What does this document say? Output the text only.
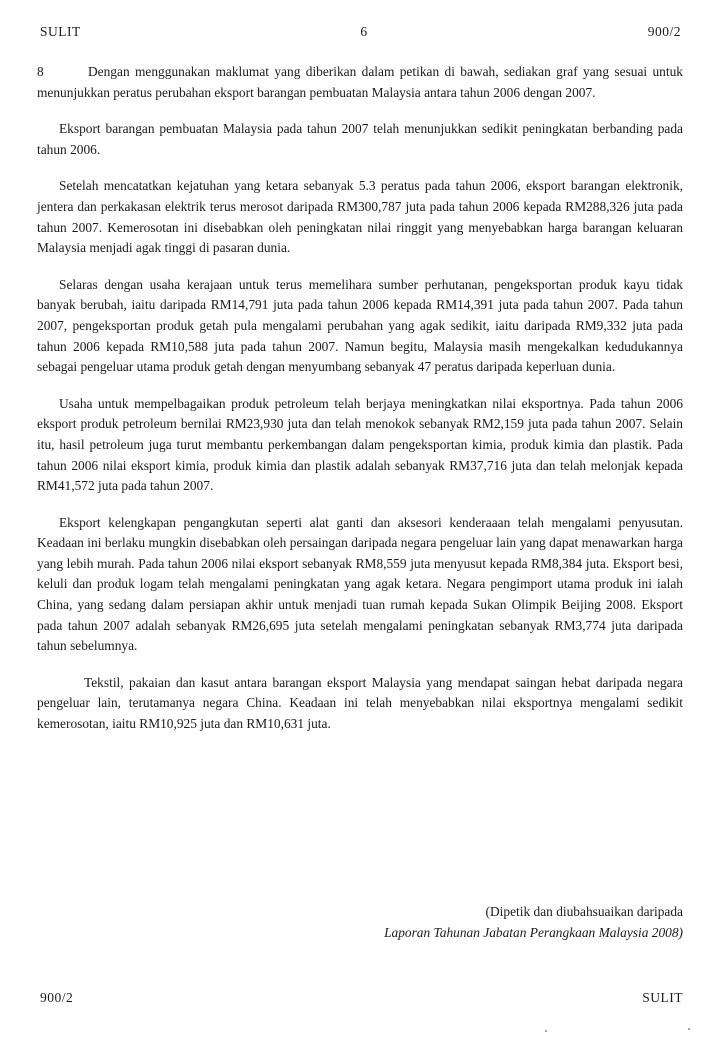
SULIT	6	900/2

8	Dengan menggunakan maklumat yang diberikan dalam petikan di bawah, sediakan graf yang sesuai untuk menunjukkan peratus perubahan eksport barangan pembuatan Malaysia antara tahun 2006 dengan 2007.

Eksport barangan pembuatan Malaysia pada tahun 2007 telah menunjukkan sedikit peningkatan berbanding pada tahun 2006.

Setelah mencatatkan kejatuhan yang ketara sebanyak 5.3 peratus pada tahun 2006, eksport barangan elektronik, jentera dan perkakasan elektrik terus merosot daripada RM300,787 juta pada tahun 2006 kepada RM288,326 juta pada tahun 2007. Kemerosotan ini disebabkan oleh peningkatan nilai ringgit yang menyebabkan harga barangan keluaran Malaysia menjadi agak tinggi di pasaran dunia.

Selaras dengan usaha kerajaan untuk terus memelihara sumber perhutanan, pengeksportan produk kayu tidak banyak berubah, iaitu daripada RM14,791 juta pada tahun 2006 kepada RM14,391 juta pada tahun 2007. Pada tahun 2007, pengeksportan produk getah pula mengalami perubahan yang agak sedikit, iaitu daripada RM9,332 juta pada tahun 2006 kepada RM10,588 juta pada tahun 2007. Namun begitu, Malaysia masih mengekalkan kedudukannya sebagai pengeluar utama produk getah dengan menyumbang sebanyak 47 peratus daripada keperluan dunia.

Usaha untuk mempelbagaikan produk petroleum telah berjaya meningkatkan nilai eksportnya. Pada tahun 2006 eksport produk petroleum bernilai RM23,930 juta dan telah menokok sebanyak RM2,159 juta pada tahun 2007. Selain itu, hasil petroleum juga turut membantu perkembangan dalam pengeksportan kimia, produk kimia dan plastik. Pada tahun 2006 nilai eksport kimia, produk kimia dan plastik adalah sebanyak RM37,716 juta dan telah melonjak kepada RM41,572 juta pada tahun 2007.

Eksport kelengkapan pengangkutan seperti alat ganti dan aksesori kenderaaan telah mengalami penyusutan. Keadaan ini berlaku mungkin disebabkan oleh persaingan daripada negara pengeluar lain yang dapat menawarkan harga yang lebih murah. Pada tahun 2006 nilai eksport sebanyak RM8,559 juta menyusut kepada RM8,384 juta. Eksport besi, keluli dan produk logam telah mengalami peningkatan yang agak ketara. Negara pengimport utama produk ini ialah China, yang sedang dalam persiapan akhir untuk menjadi tuan rumah kepada Sukan Olimpik Beijing 2008. Eksport pada tahun 2007 adalah sebanyak RM26,695 juta setelah mengalami peningkatan sebanyak RM3,774 juta daripada tahun sebelumnya.

Tekstil, pakaian dan kasut antara barangan eksport Malaysia yang mendapat saingan hebat daripada negara pengeluar lain, terutamanya negara China. Keadaan ini telah menyebabkan nilai eksportnya mengalami sedikit kemerosotan, iaitu RM10,925 juta dan RM10,631 juta.

(Dipetik dan diubahsuaikan daripada
Laporan Tahunan Jabatan Perangkaan Malaysia 2008)
900/2	SULIT
